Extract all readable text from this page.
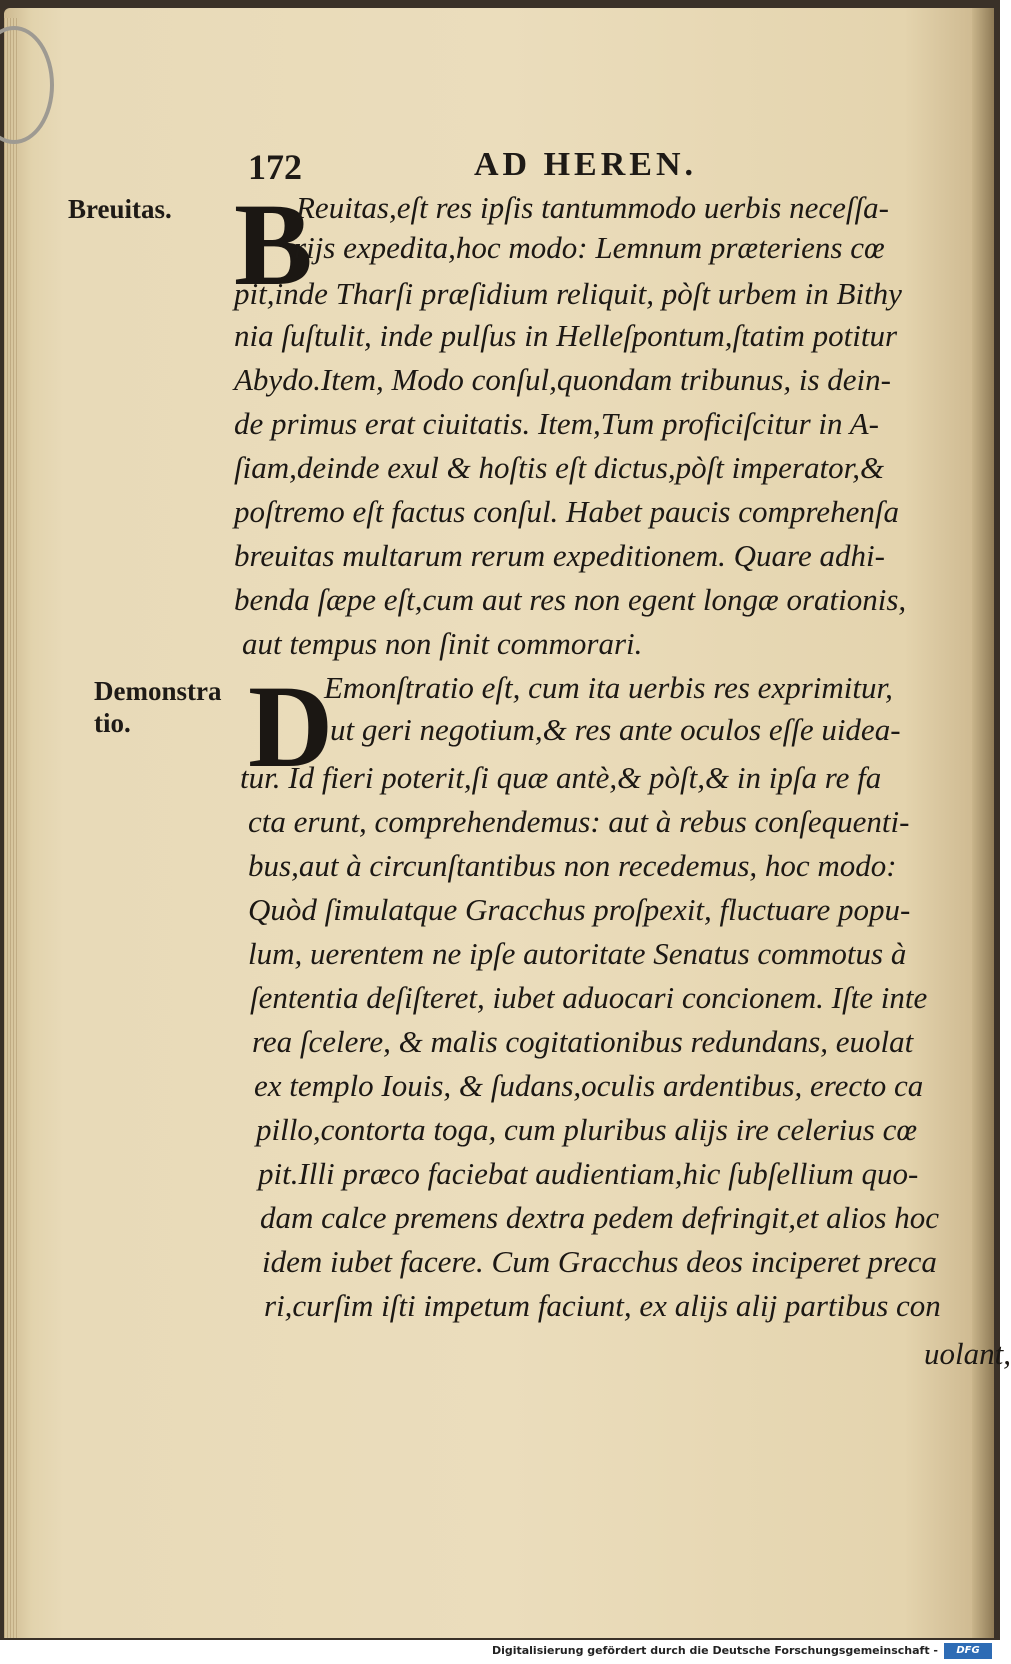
172	AD HEREN.
Breuitas.
Demonstra
tio.
B
Reuitas,eſt res ipſis tantummodo uerbis neceſſa-
rijs expedita,hoc modo: Lemnum præteriens cœ
pit,inde Tharſi præſidium reliquit, pòſt urbem in Bithy
nia ſuſtulit, inde pulſus in Helleſpontum,ſtatim potitur
Abydo.Item, Modo conſul,quondam tribunus, is dein-
de primus erat ciuitatis. Item,Tum proficiſcitur in A-
ſiam,deinde exul & hoſtis eſt dictus,pòſt imperator,&
poſtremo eſt factus conſul. Habet paucis comprehenſa
breuitas multarum rerum expeditionem. Quare adhi-
benda ſæpe eſt,cum aut res non egent longæ orationis,
aut tempus non ſinit commorari.
D
Emonſtratio eſt, cum ita uerbis res exprimitur,
ut geri negotium,& res ante oculos eſſe uidea-
tur. Id fieri poterit,ſi quæ antè,& pòſt,& in ipſa re fa
cta erunt, comprehendemus: aut à rebus conſequenti-
bus,aut à circunſtantibus non recedemus, hoc modo:
Quòd ſimulatque Gracchus proſpexit, fluctuare popu-
lum, uerentem ne ipſe autoritate Senatus commotus à
ſententia deſiſteret, iubet aduocari concionem. Iſte inte
rea ſcelere, & malis cogitationibus redundans, euolat
ex templo Iouis, & ſudans,oculis ardentibus, erecto ca
pillo,contorta toga, cum pluribus alijs ire celerius cœ
pit.Illi præco faciebat audientiam,hic ſubſellium quo-
dam calce premens dextra pedem defringit,et alios hoc
idem iubet facere. Cum Gracchus deos inciperet preca
ri,curſim iſti impetum faciunt, ex alijs alij partibus con
uolant,
Digitalisierung gefördert durch die Deutsche Forschungsgemeinschaft -	DFG
